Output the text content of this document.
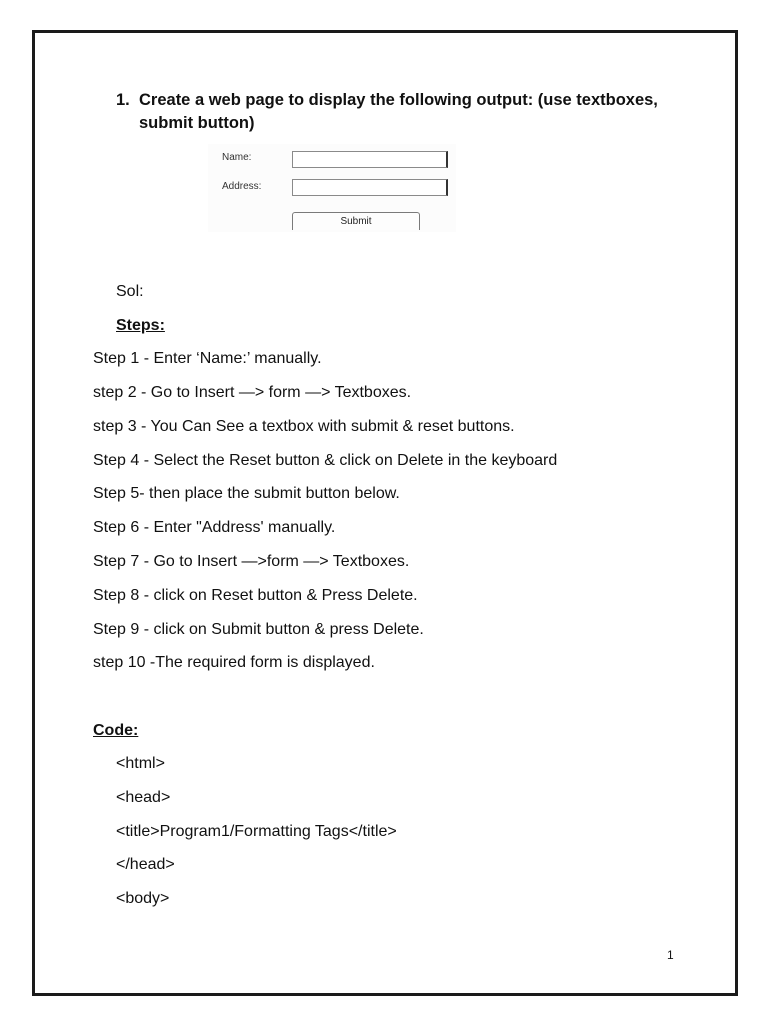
1. Create a web page to display the following output: (use textboxes, submit button)
Name:
Address:
Submit
Sol:
Steps:
Step 1 - Enter ‘Name:’ manually.
step 2 - Go to Insert —> form —> Textboxes.
step 3 - You Can See a textbox with submit & reset buttons.
Step 4 - Select the Reset button & click on Delete in the keyboard
Step 5- then place the submit button below.
Step 6 - Enter "Address' manually.
Step 7 - Go to Insert —>form —> Textboxes.
Step 8 - click on Reset button & Press Delete.
Step 9 - click on Submit button & press Delete.
step 10 -The required form is displayed.
Code:
<html>
<head>
<title>Program1/Formatting Tags</title>
</head>
<body>
1
